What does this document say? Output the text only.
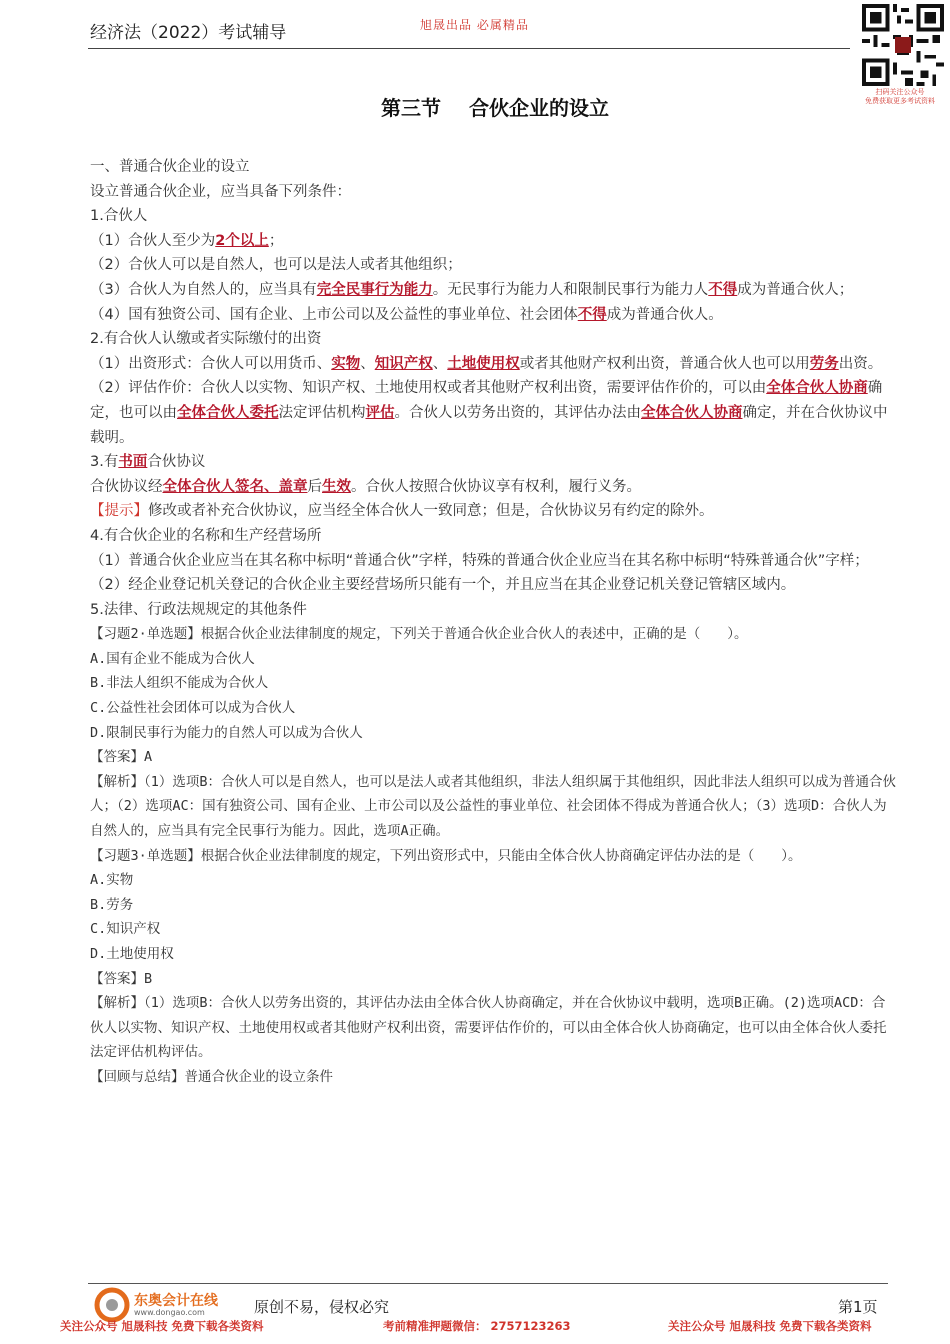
经济法（2022）考试辅导	旭晟出品 必属精品
扫码关注公众号
免费获取更多考试资料
第三节 合伙企业的设立

一、普通合伙企业的设立

设立普通合伙企业，应当具备下列条件：

1.合伙人

（1）合伙人至少为2个以上；

（2）合伙人可以是自然人，也可以是法人或者其他组织；

（3）合伙人为自然人的，应当具有完全民事行为能力。无民事行为能力人和限制民事行为能力人不得成为普通合伙人；

（4）国有独资公司、国有企业、上市公司以及公益性的事业单位、社会团体不得成为普通合伙人。

2.有合伙人认缴或者实际缴付的出资

（1）出资形式：合伙人可以用货币、实物、知识产权、土地使用权或者其他财产权利出资，普通合伙人也可以用劳务出资。

（2）评估作价：合伙人以实物、知识产权、土地使用权或者其他财产权利出资，需要评估作价的，可以由全体合伙人协商确定，也可以由全体合伙人委托法定评估机构评估。合伙人以劳务出资的，其评估办法由全体合伙人协商确定，并在合伙协议中载明。

3.有书面合伙协议

合伙协议经全体合伙人签名、盖章后生效。合伙人按照合伙协议享有权利，履行义务。

【提示】修改或者补充合伙协议，应当经全体合伙人一致同意；但是，合伙协议另有约定的除外。

4.有合伙企业的名称和生产经营场所

（1）普通合伙企业应当在其名称中标明“普通合伙”字样，特殊的普通合伙企业应当在其名称中标明“特殊普通合伙”字样；

（2）经企业登记机关登记的合伙企业主要经营场所只能有一个，并且应当在其企业登记机关登记管辖区域内。

5.法律、行政法规规定的其他条件

【习题2·单选题】根据合伙企业法律制度的规定，下列关于普通合伙企业合伙人的表述中，正确的是（　　）。

A.国有企业不能成为合伙人

B.非法人组织不能成为合伙人

C.公益性社会团体可以成为合伙人

D.限制民事行为能力的自然人可以成为合伙人

【答案】A

【解析】（1）选项B：合伙人可以是自然人，也可以是法人或者其他组织，非法人组织属于其他组织，因此非法人组织可以成为普通合伙人；（2）选项AC：国有独资公司、国有企业、上市公司以及公益性的事业单位、社会团体不得成为普通合伙人；（3）选项D：合伙人为自然人的，应当具有完全民事行为能力。因此，选项A正确。

【习题3·单选题】根据合伙企业法律制度的规定，下列出资形式中，只能由全体合伙人协商确定评估办法的是（　　）。

A.实物

B.劳务

C.知识产权

D.土地使用权

【答案】B

【解析】（1）选项B：合伙人以劳务出资的，其评估办法由全体合伙人协商确定，并在合伙协议中载明，选项B正确。(2)选项ACD：合伙人以实物、知识产权、土地使用权或者其他财产权利出资，需要评估作价的，可以由全体合伙人协商确定，也可以由全体合伙人委托法定评估机构评估。

【回顾与总结】普通合伙企业的设立条件

东奥会计在线
www.dongao.com	原创不易，侵权必究	第1页
关注公众号 旭晟科技 免费下载各类资料	考前精准押题微信： 2757123263	关注公众号 旭晟科技 免费下载各类资料
